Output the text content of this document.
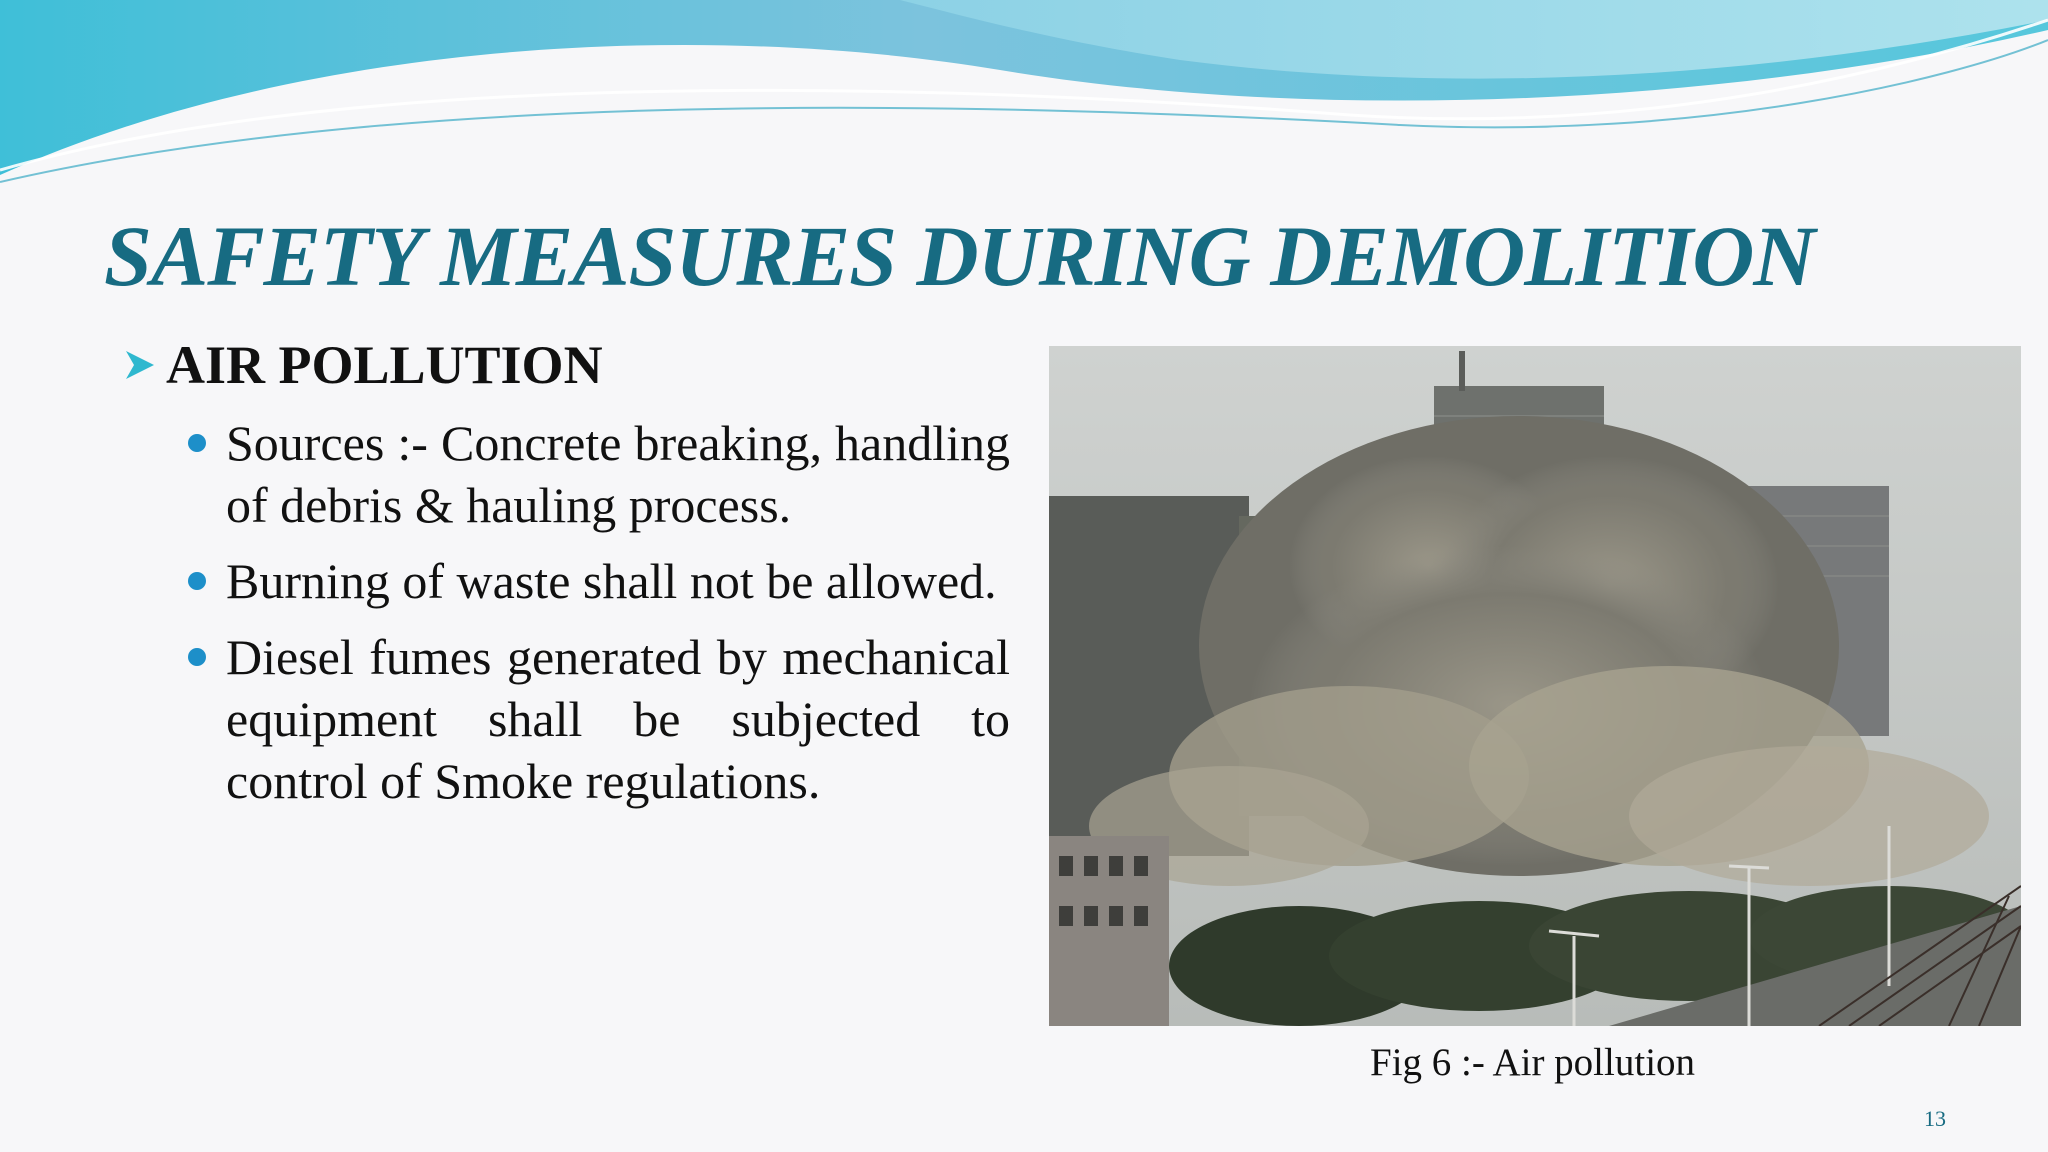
SAFETY MEASURES DURING DEMOLITION
AIR POLLUTION
Sources :- Concrete breaking, handling of debris & hauling process.
Burning of waste shall not be allowed.
Diesel fumes generated by mechanical equipment shall be subjected to control of Smoke regulations.
Fig 6 :- Air pollution
13
